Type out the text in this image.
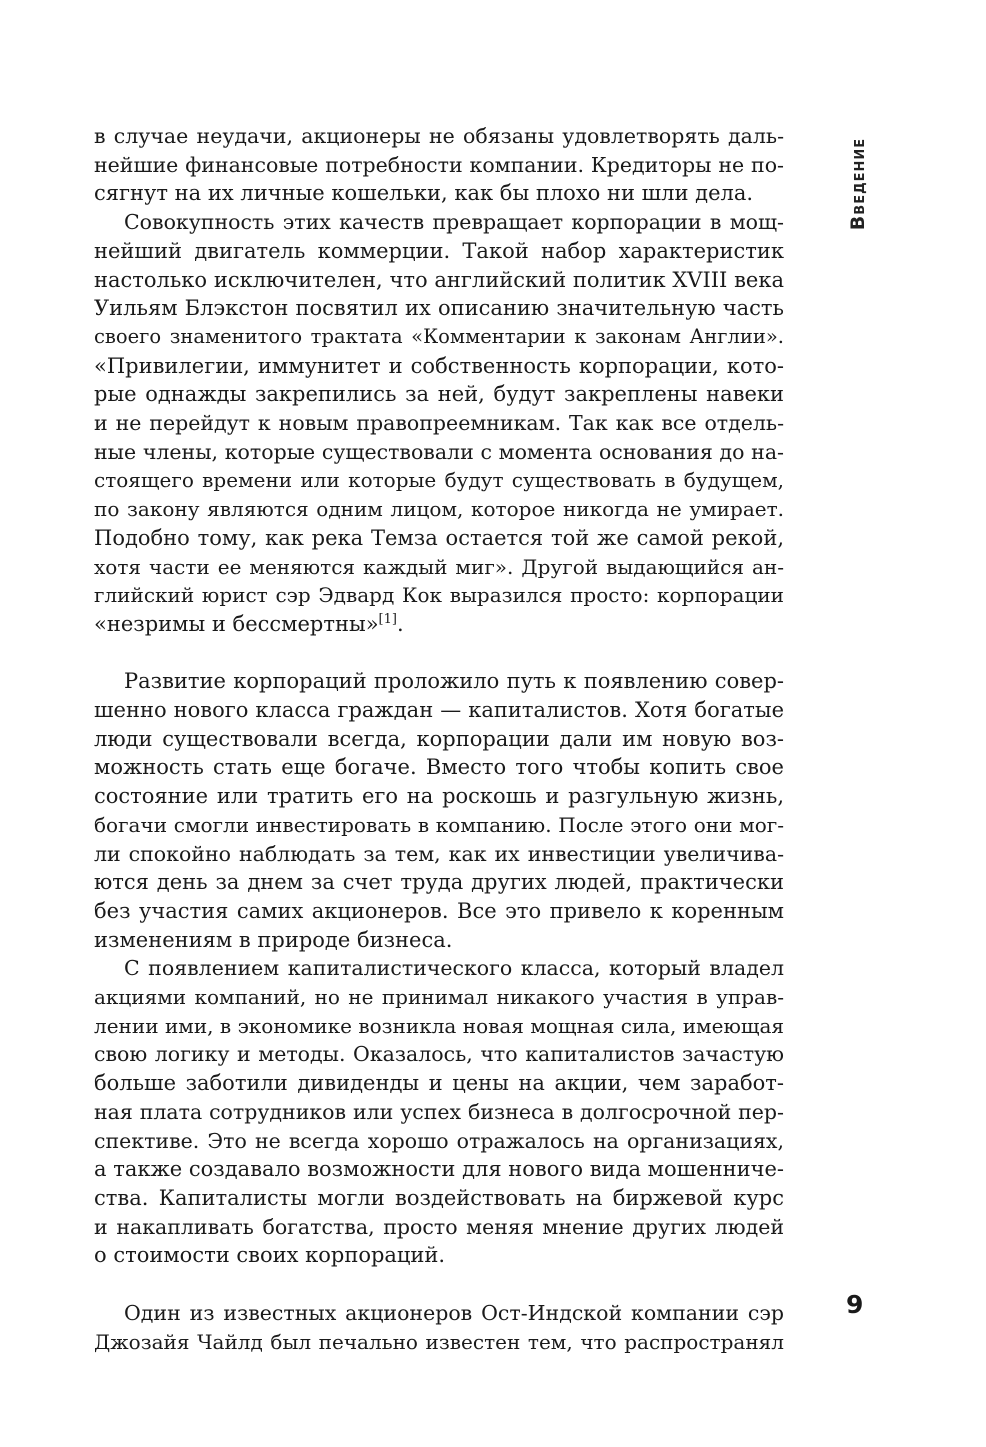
Введение
в случае неудачи, акционеры не обязаны удовлетворять даль-
нейшие финансовые потребности компании. Кредиторы не по-
сягнут на их личные кошельки, как бы плохо ни шли дела.
Совокупность этих качеств превращает корпорации в мощ-
нейший двигатель коммерции. Такой набор характеристик
настолько исключителен, что английский политик XVIII века
Уильям Блэкстон посвятил их описанию значительную часть
своего знаменитого трактата «Комментарии к законам Англии».
«Привилегии, иммунитет и собственность корпорации, кото-
рые однажды закрепились за ней, будут закреплены навеки
и не перейдут к новым правопреемникам. Так как все отдель-
ные члены, которые существовали с момента основания до на-
стоящего времени или которые будут существовать в будущем,
по закону являются одним лицом, которое никогда не умирает.
Подобно тому, как река Темза остается той же самой рекой,
хотя части ее меняются каждый миг». Другой выдающийся ан-
глийский юрист сэр Эдвард Кок выразился просто: корпорации
«незримы и бессмертны»[1].
Развитие корпораций проложило путь к появлению совер-
шенно нового класса граждан — капиталистов. Хотя богатые
люди существовали всегда, корпорации дали им новую воз-
можность стать еще богаче. Вместо того чтобы копить свое
состояние или тратить его на роскошь и разгульную жизнь,
богачи смогли инвестировать в компанию. После этого они мог-
ли спокойно наблюдать за тем, как их инвестиции увеличива-
ются день за днем за счет труда других людей, практически
без участия самих акционеров. Все это привело к коренным
изменениям в природе бизнеса.
С появлением капиталистического класса, который владел
акциями компаний, но не принимал никакого участия в управ-
лении ими, в экономике возникла новая мощная сила, имеющая
свою логику и методы. Оказалось, что капиталистов зачастую
больше заботили дивиденды и цены на акции, чем заработ-
ная плата сотрудников или успех бизнеса в долгосрочной пер-
спективе. Это не всегда хорошо отражалось на организациях,
а также создавало возможности для нового вида мошенниче-
ства. Капиталисты могли воздействовать на биржевой курс
и накапливать богатства, просто меняя мнение других людей
о стоимости своих корпораций.
Один из известных акционеров Ост-Индской компании сэр
Джозайя Чайлд был печально известен тем, что распространял
9
